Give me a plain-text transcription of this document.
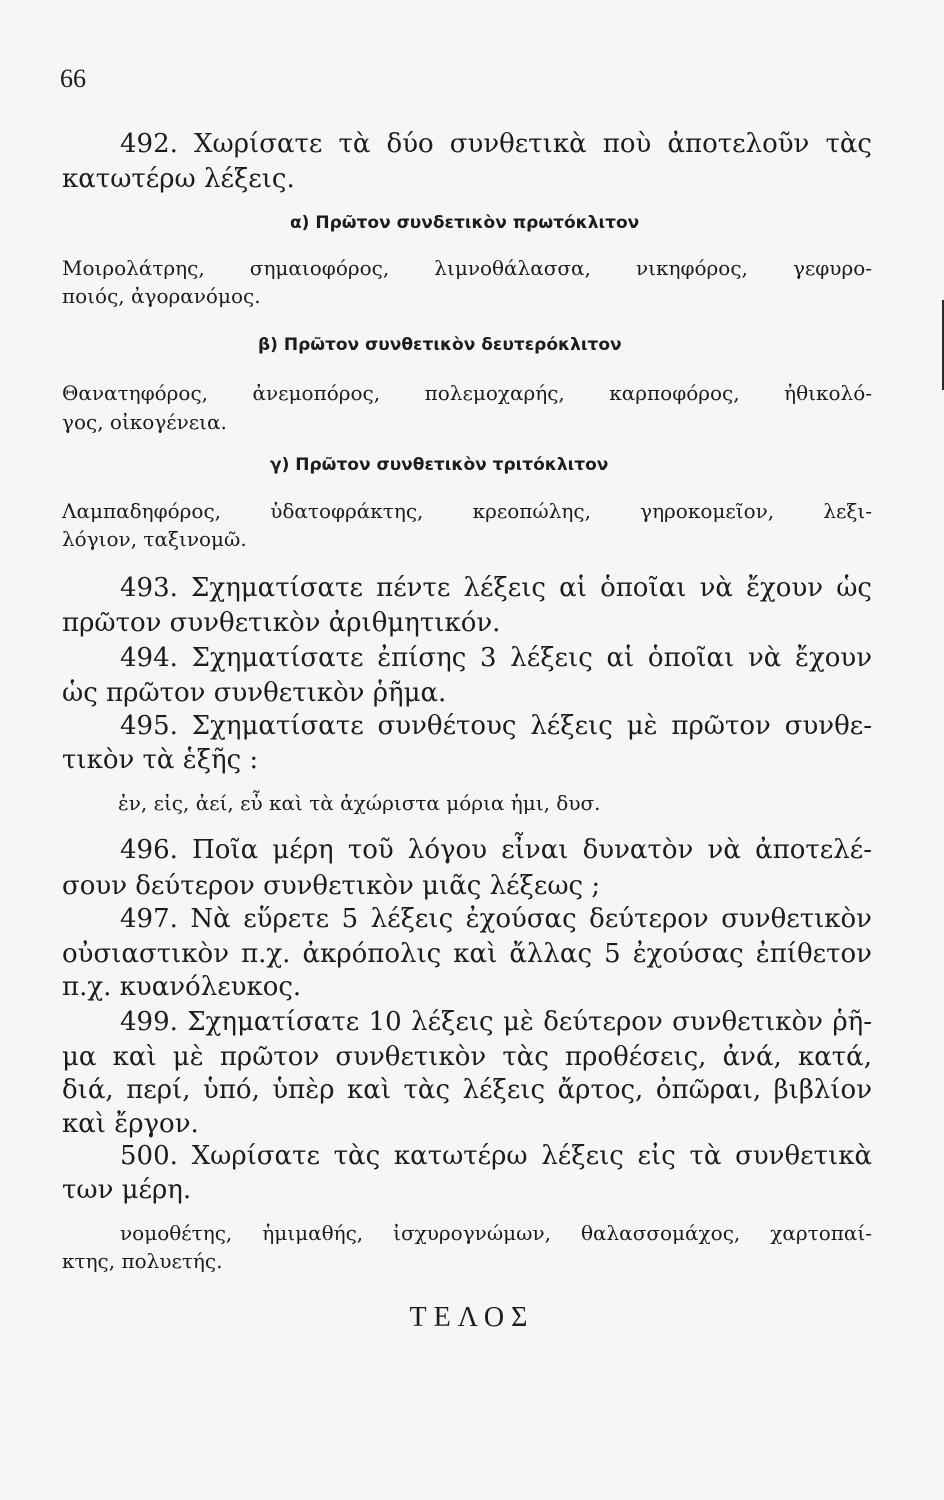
66

492. Χωρίσατε τὰ δύο συνθετικὰ ποὺ ἀποτελοῦν τὰς

κατωτέρω λέξεις.

α) Πρῶτον συνδετικὸν πρωτόκλιτον

Μοιρολάτρης, σημαιοφόρος, λιμνοθάλασσα, νικηφόρος, γεφυρο-

ποιός, ἀγορανόμος.

β) Πρῶτον συνθετικὸν δευτερόκλιτον

Θανατηφόρος, ἀνεμοπόρος, πολεμοχαρής, καρποφόρος, ἠθικολό-

γος, οἰκογένεια.

γ) Πρῶτον συνθετικὸν τριτόκλιτον

Λαμπαδηφόρος, ὑδατοφράκτης, κρεοπώλης, γηροκομεῖον, λεξι-

λόγιον, ταξινομῶ.

493. Σχηματίσατε πέντε λέξεις αἱ ὁποῖαι νὰ ἔχουν ὡς

πρῶτον συνθετικὸν ἀριθμητικόν.

494. Σχηματίσατε ἐπίσης 3 λέξεις αἱ ὁποῖαι νὰ ἔχουν

ὡς πρῶτον συνθετικὸν ῥῆμα.

495. Σχηματίσατε συνθέτους λέξεις μὲ πρῶτον συνθε-

τικὸν τὰ ἑξῆς :

ἐν, εἰς, ἀεί, εὖ καὶ τὰ ἀχώριστα μόρια ἡμι, δυσ.

496. Ποῖα μέρη τοῦ λόγου εἶναι δυνατὸν νὰ ἀποτελέ-

σουν δεύτερον συνθετικὸν μιᾶς λέξεως ;

497. Νὰ εὕρετε 5 λέξεις ἐχούσας δεύτερον συνθετικὸν

οὐσιαστικὸν π.χ. ἀκρόπολις καὶ ἄλλας 5 ἐχούσας ἐπίθετον

π.χ. κυανόλευκος.

499. Σχηματίσατε 10 λέξεις μὲ δεύτερον συνθετικὸν ῥῆ-

μα καὶ μὲ πρῶτον συνθετικὸν τὰς προθέσεις, ἀνά, κατά,

διά, περί, ὑπό, ὑπὲρ καὶ τὰς λέξεις ἄρτος, ὀπῶραι, βιβλίον

καὶ ἔργον.

500. Χωρίσατε τὰς κατωτέρω λέξεις εἰς τὰ συνθετικὰ

των μέρη.

νομοθέτης, ἡμιμαθής, ἰσχυρογνώμων, θαλασσομάχος, χαρτοπαί-

κτης, πολυετής.

ΤΕΛΟΣ
